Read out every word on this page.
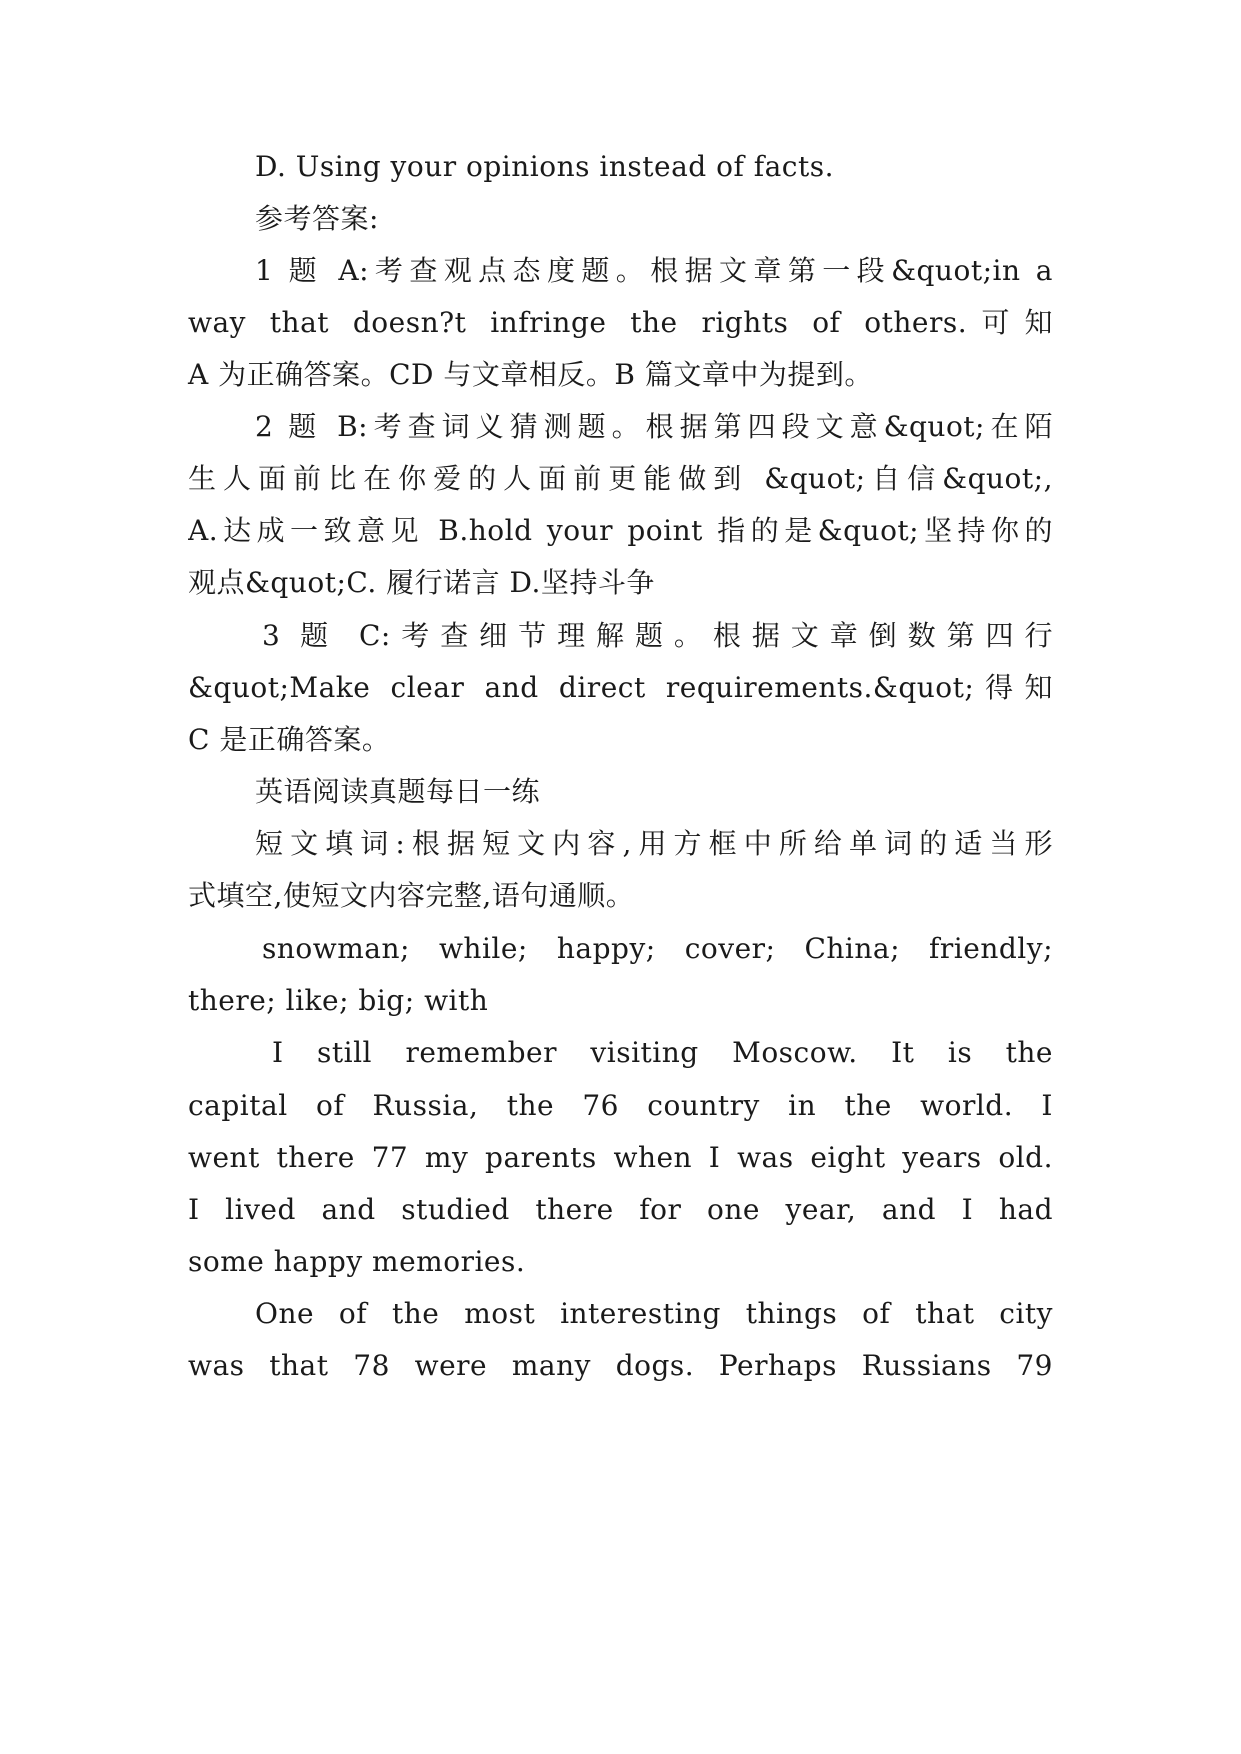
D. Using your opinions instead of facts.
参考答案:
1 题 A:考查观点态度题。根据文章第一段&quot;in a
way that doesn?t infringe the rights of others.可知
A 为正确答案。CD 与文章相反。B 篇文章中为提到。
2 题 B:考查词义猜测题。根据第四段文意&quot;在陌
生人面前比在你爱的人面前更能做到 &quot;自信&quot;,
A.达成一致意见 B.hold your point 指的是&quot;坚持你的
观点&quot;C. 履行诺言 D.坚持斗争
3 题 C:考查细节理解题。根据文章倒数第四行
&quot;Make clear and direct requirements.&quot;得知
C 是正确答案。
英语阅读真题每日一练
短文填词:根据短文内容,用方框中所给单词的适当形
式填空,使短文内容完整,语句通顺。
snowman; while; happy; cover; China; friendly;
there; like; big; with
I still remember visiting Moscow. It is the
capital of Russia, the 76 country in the world. I
went there 77 my parents when I was eight years old.
I lived and studied there for one year, and I had
some happy memories.
One of the most interesting things of that city
was that 78 were many dogs. Perhaps Russians 79
